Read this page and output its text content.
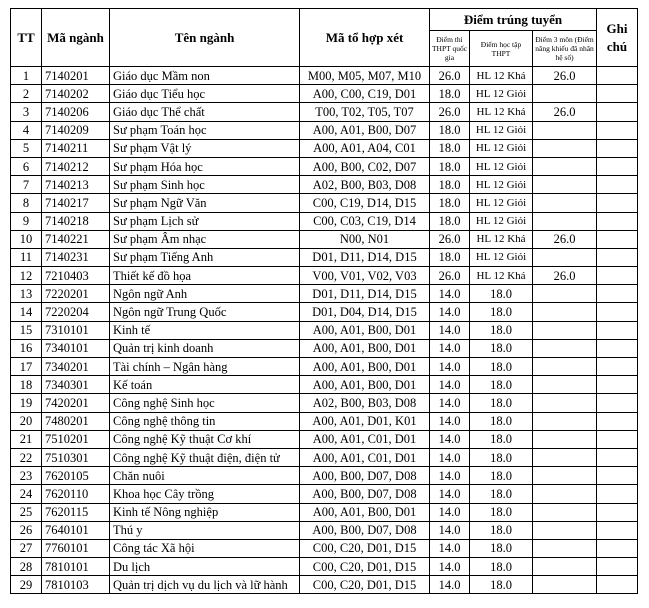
TT	Mã ngành	Tên ngành	Mã tổ hợp xét	Điểm trúng tuyển			Ghi chú
				Điểm thi THPT quốc gia	Điểm học tập THPT	Điểm 3 môn (Điểm năng khiếu đã nhân hệ số)	
1	7140201	Giáo dục Mầm non	M00, M05, M07, M10	26.0	HL 12 Khá	26.0	
2	7140202	Giáo dục Tiểu học	A00, C00, C19, D01	18.0	HL 12 Giỏi		
3	7140206	Giáo dục Thể chất	T00, T02, T05, T07	26.0	HL 12 Khá	26.0	
4	7140209	Sư phạm Toán học	A00, A01, B00, D07	18.0	HL 12 Giỏi		
5	7140211	Sư phạm Vật lý	A00, A01, A04, C01	18.0	HL 12 Giỏi		
6	7140212	Sư phạm Hóa học	A00, B00, C02, D07	18.0	HL 12 Giỏi		
7	7140213	Sư phạm Sinh học	A02, B00, B03, D08	18.0	HL 12 Giỏi		
8	7140217	Sư phạm Ngữ Văn	C00, C19, D14, D15	18.0	HL 12 Giỏi		
9	7140218	Sư phạm Lịch sử	C00, C03, C19, D14	18.0	HL 12 Giỏi		
10	7140221	Sư phạm Âm nhạc	N00, N01	26.0	HL 12 Khá	26.0	
11	7140231	Sư phạm Tiếng Anh	D01, D11, D14, D15	18.0	HL 12 Giỏi		
12	7210403	Thiết kế đồ họa	V00, V01, V02, V03	26.0	HL 12 Khá	26.0	
13	7220201	Ngôn ngữ Anh	D01, D11, D14, D15	14.0	18.0		
14	7220204	Ngôn ngữ Trung Quốc	D01, D04, D14, D15	14.0	18.0		
15	7310101	Kinh tế	A00, A01, B00, D01	14.0	18.0		
16	7340101	Quản trị kinh doanh	A00, A01, B00, D01	14.0	18.0		
17	7340201	Tài chính – Ngân hàng	A00, A01, B00, D01	14.0	18.0		
18	7340301	Kế toán	A00, A01, B00, D01	14.0	18.0		
19	7420201	Công nghệ Sinh học	A02, B00, B03, D08	14.0	18.0		
20	7480201	Công nghệ thông tin	A00, A01, D01, K01	14.0	18.0		
21	7510201	Công nghệ Kỹ thuật Cơ khí	A00, A01, C01, D01	14.0	18.0		
22	7510301	Công nghệ Kỹ thuật điện, điện tử	A00, A01, C01, D01	14.0	18.0		
23	7620105	Chăn nuôi	A00, B00, D07, D08	14.0	18.0		
24	7620110	Khoa học Cây trồng	A00, B00, D07, D08	14.0	18.0		
25	7620115	Kinh tế Nông nghiệp	A00, A01, B00, D01	14.0	18.0		
26	7640101	Thú y	A00, B00, D07, D08	14.0	18.0		
27	7760101	Công tác Xã hội	C00, C20, D01, D15	14.0	18.0		
28	7810101	Du lịch	C00, C20, D01, D15	14.0	18.0		
29	7810103	Quản trị dịch vụ du lịch và lữ hành	C00, C20, D01, D15	14.0	18.0		
